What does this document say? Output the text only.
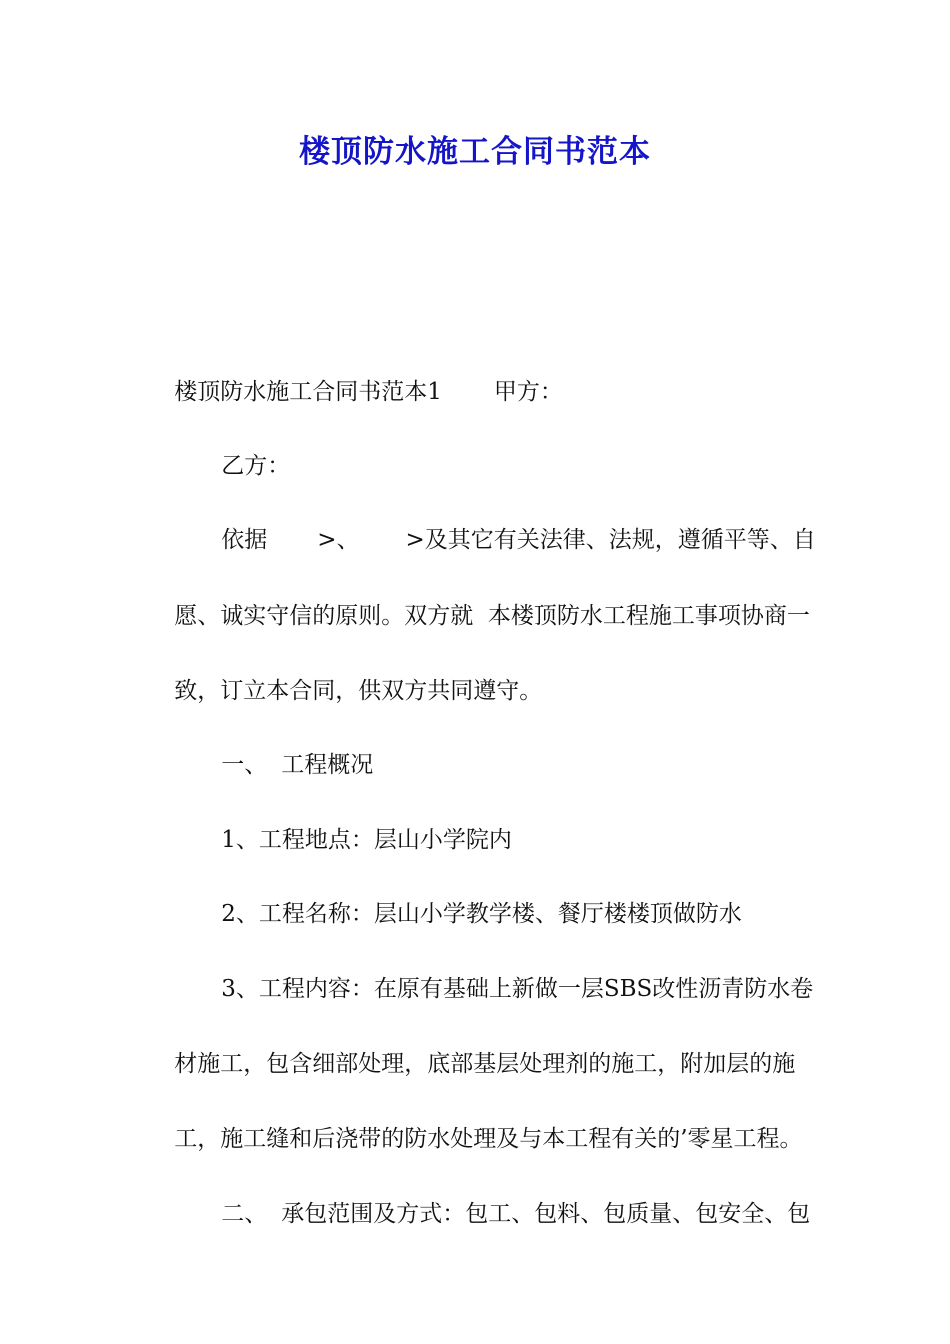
楼顶防水施工合同书范本

楼顶防水施工合同书范本1 甲方：

乙方：

依据 >、 >及其它有关法律、法规，遵循平等、自

愿、诚实守信的原则。双方就  本楼顶防水工程施工事项协商一

致，订立本合同，供双方共同遵守。

一、 工程概况

1、工程地点：层山小学院内

2、工程名称：层山小学教学楼、餐厅楼楼顶做防水

3、工程内容：在原有基础上新做一层SBS改性沥青防水卷

材施工，包含细部处理，底部基层处理剂的施工，附加层的施

工，施工缝和后浇带的防水处理及与本工程有关的’零星工程。

二、 承包范围及方式：包工、包料、包质量、包安全、包
